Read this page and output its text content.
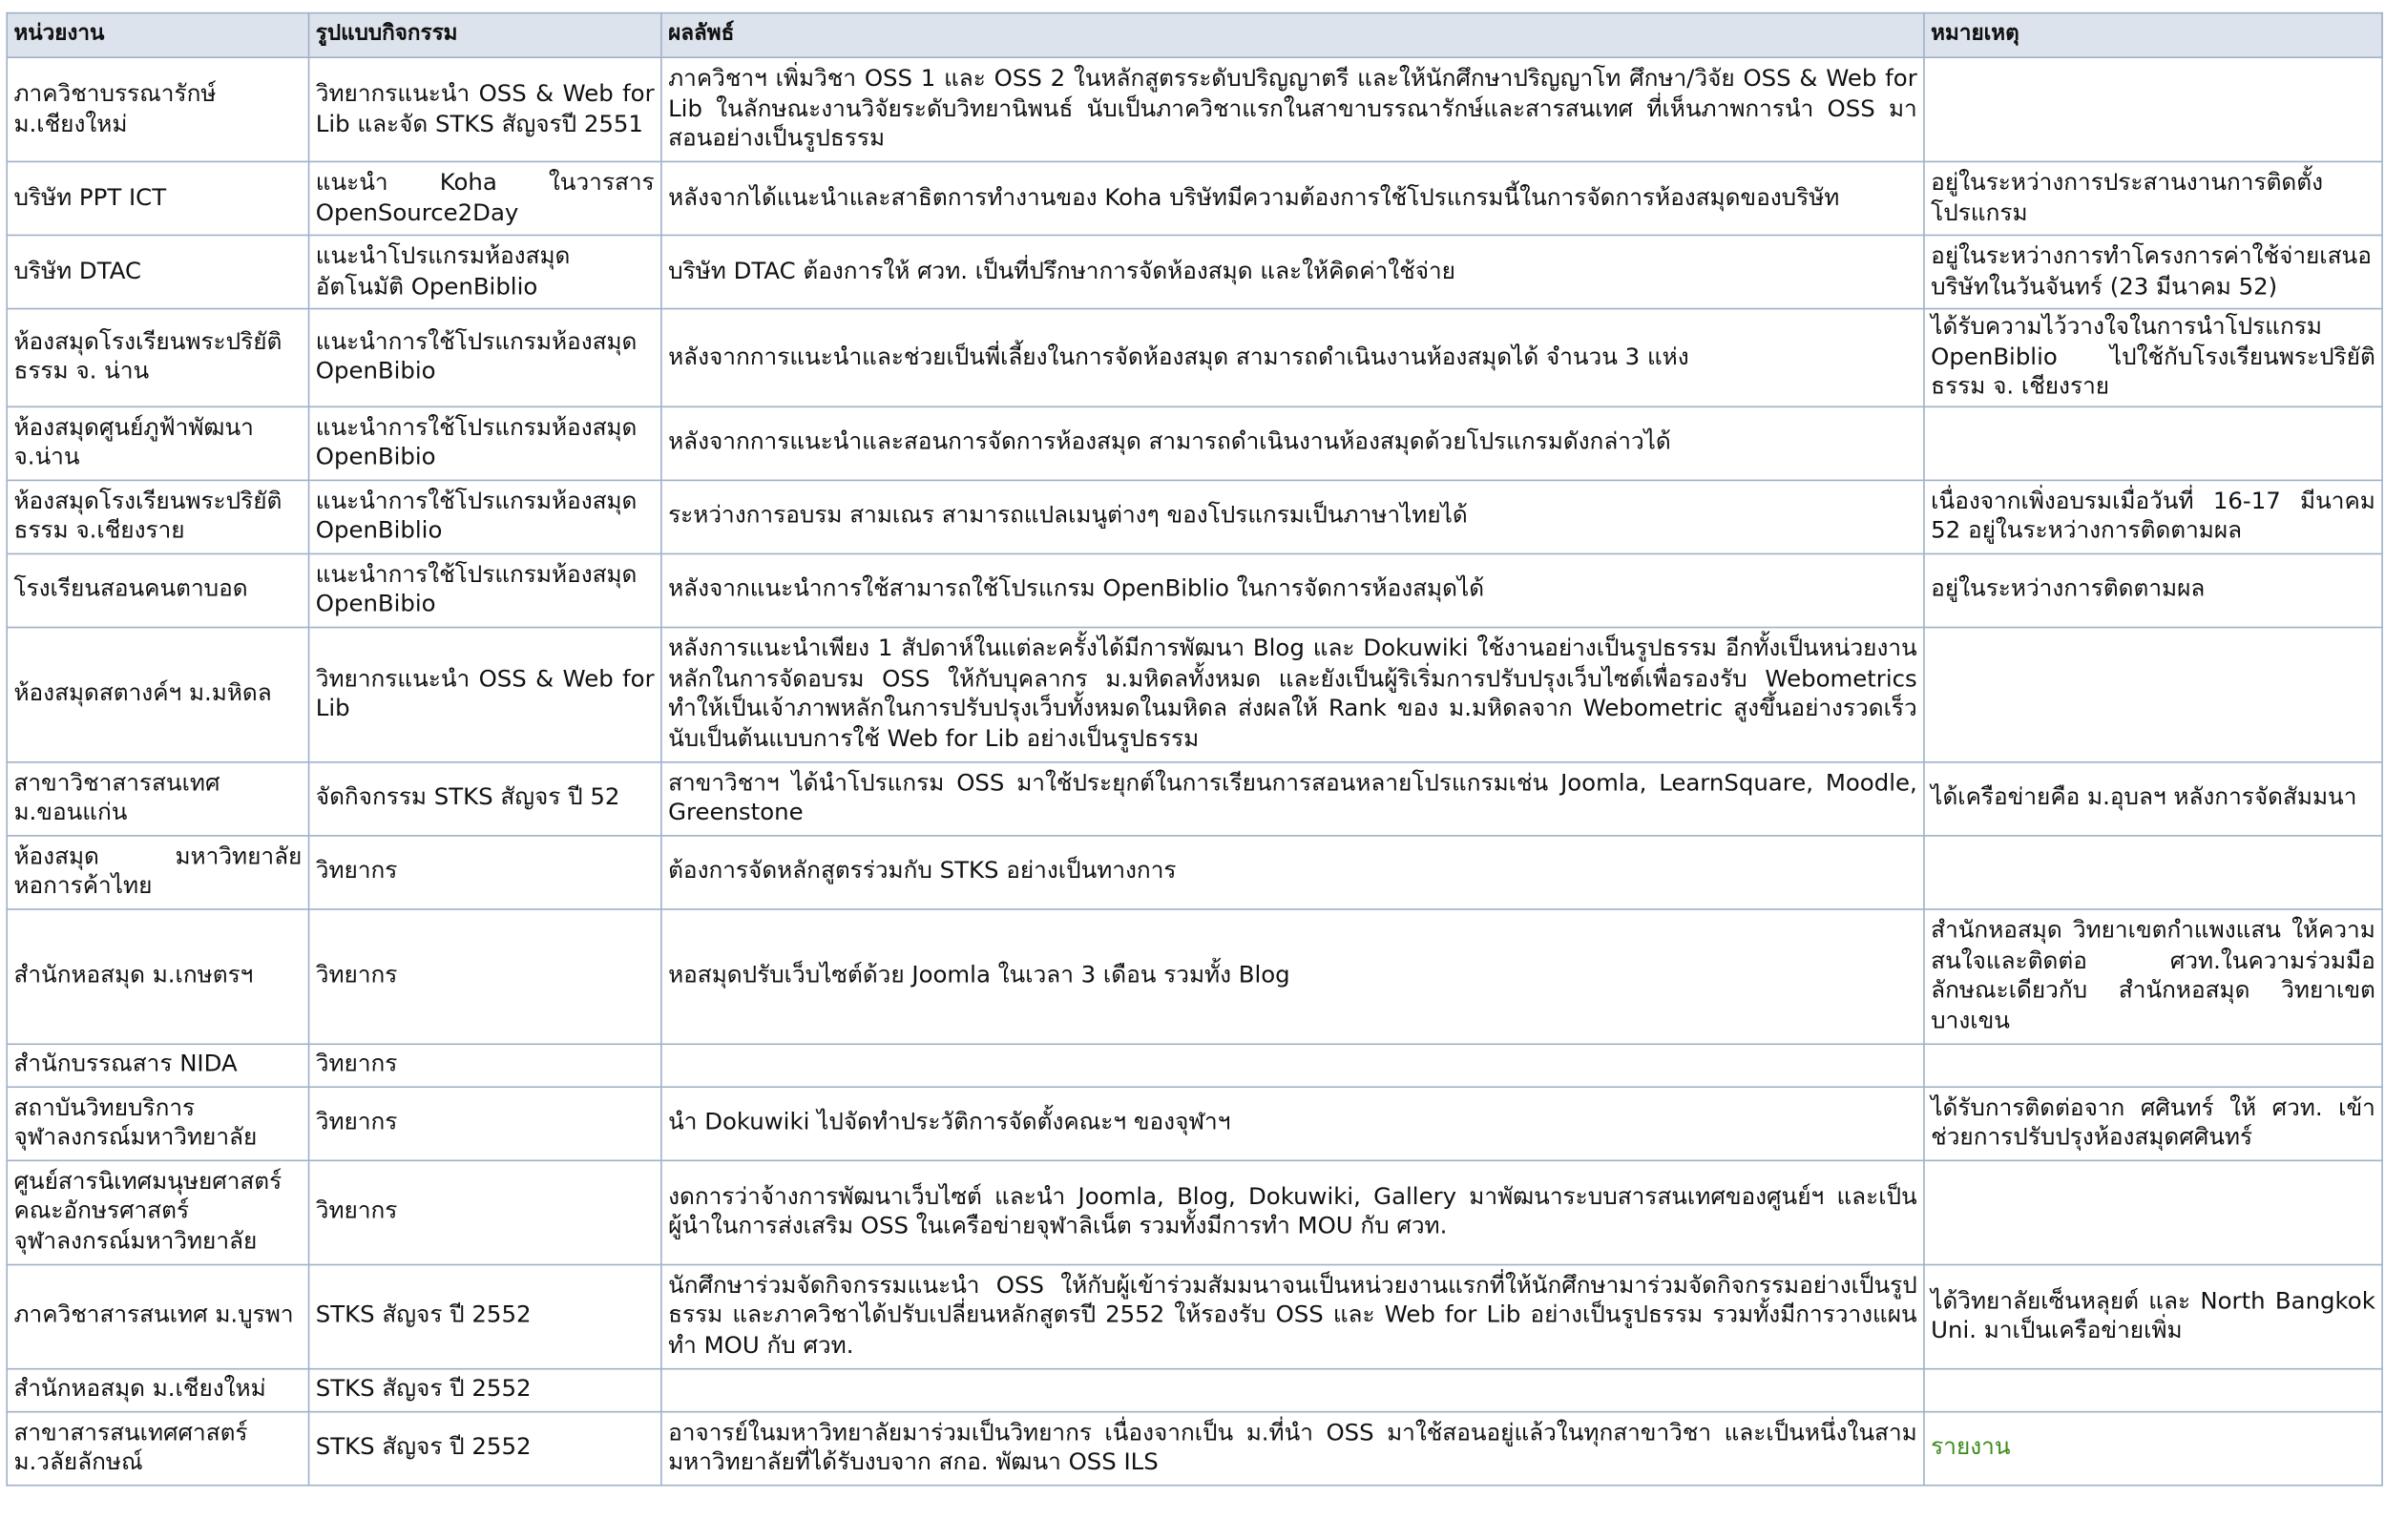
หน่วยงาน	รูปแบบกิจกรรม	ผลลัพธ์	หมายเหตุ
ภาควิชาบรรณารักษ์ ม.เชียงใหม่	วิทยากรแนะนำ OSS & Web for Lib และจัด STKS สัญจรปี 2551	ภาควิชาฯ เพิ่มวิชา OSS 1 และ OSS 2 ในหลักสูตรระดับปริญญาตรี และให้นักศึกษาปริญญาโท ศึกษา/วิจัย OSS & Web for Lib ในลักษณะงานวิจัยระดับวิทยานิพนธ์ นับเป็นภาควิชาแรกในสาขาบรรณารักษ์และสารสนเทศ ที่เห็นภาพการนำ OSS มาสอนอย่างเป็นรูปธรรม	
บริษัท PPT ICT	แนะนำ Koha ในวารสาร OpenSource2Day	หลังจากได้แนะนำและสาธิตการทำงานของ Koha บริษัทมีความต้องการใช้โปรแกรมนี้ในการจัดการห้องสมุดของบริษัท	อยู่ในระหว่างการประสานงานการติดตั้งโปรแกรม
บริษัท DTAC	แนะนำโปรแกรมห้องสมุดอัตโนมัติ OpenBiblio	บริษัท DTAC ต้องการให้ ศวท. เป็นที่ปรึกษาการจัดห้องสมุด และให้คิดค่าใช้จ่าย	อยู่ในระหว่างการทำโครงการค่าใช้จ่ายเสนอบริษัทในวันจันทร์ (23 มีนาคม 52)
ห้องสมุดโรงเรียนพระปริยัติธรรม จ. น่าน	แนะนำการใช้โปรแกรมห้องสมุด OpenBibio	หลังจากการแนะนำและช่วยเป็นพี่เลี้ยงในการจัดห้องสมุด สามารถดำเนินงานห้องสมุดได้ จำนวน 3 แห่ง	ได้รับความไว้วางใจในการนำโปรแกรม OpenBiblio ไปใช้กับโรงเรียนพระปริยัติธรรม จ. เชียงราย
ห้องสมุดศูนย์ภูฟ้าพัฒนา จ.น่าน	แนะนำการใช้โปรแกรมห้องสมุด OpenBibio	หลังจากการแนะนำและสอนการจัดการห้องสมุด สามารถดำเนินงานห้องสมุดด้วยโปรแกรมดังกล่าวได้	
ห้องสมุดโรงเรียนพระปริยัติธรรม จ.เชียงราย	แนะนำการใช้โปรแกรมห้องสมุด OpenBiblio	ระหว่างการอบรม สามเณร สามารถแปลเมนูต่างๆ ของโปรแกรมเป็นภาษาไทยได้	เนื่องจากเพิ่งอบรมเมื่อวันที่ 16-17 มีนาคม 52 อยู่ในระหว่างการติดตามผล
โรงเรียนสอนคนตาบอด	แนะนำการใช้โปรแกรมห้องสมุด OpenBibio	หลังจากแนะนำการใช้สามารถใช้โปรแกรม OpenBiblio ในการจัดการห้องสมุดได้	อยู่ในระหว่างการติดตามผล
ห้องสมุดสตางค์ฯ ม.มหิดล	วิทยากรแนะนำ OSS & Web for Lib	หลังการแนะนำเพียง 1 สัปดาห์ในแต่ละครั้งได้มีการพัฒนา Blog และ Dokuwiki ใช้งานอย่างเป็นรูปธรรม อีกทั้งเป็นหน่วยงานหลักในการจัดอบรม OSS ให้กับบุคลากร ม.มหิดลทั้งหมด และยังเป็นผู้ริเริ่มการปรับปรุงเว็บไซต์เพื่อรองรับ Webometrics ทำให้เป็นเจ้าภาพหลักในการปรับปรุงเว็บทั้งหมดในมหิดล ส่งผลให้ Rank ของ ม.มหิดลจาก Webometric สูงขึ้นอย่างรวดเร็ว นับเป็นต้นแบบการใช้ Web for Lib อย่างเป็นรูปธรรม	
สาขาวิชาสารสนเทศ ม.ขอนแก่น	จัดกิจกรรม STKS สัญจร ปี 52	สาขาวิชาฯ ได้นำโปรแกรม OSS มาใช้ประยุกต์ในการเรียนการสอนหลายโปรแกรมเช่น Joomla, LearnSquare, Moodle, Greenstone	ได้เครือข่ายคือ ม.อุบลฯ หลังการจัดสัมมนา
ห้องสมุด มหาวิทยาลัยหอการค้าไทย	วิทยากร	ต้องการจัดหลักสูตรร่วมกับ STKS อย่างเป็นทางการ	
สำนักหอสมุด ม.เกษตรฯ	วิทยากร	หอสมุดปรับเว็บไซต์ด้วย Joomla ในเวลา 3 เดือน รวมทั้ง Blog	สำนักหอสมุด วิทยาเขตกำแพงแสน ให้ความสนใจและติดต่อ ศวท.ในความร่วมมือลักษณะเดียวกับ สำนักหอสมุด วิทยาเขตบางเขน
สำนักบรรณสาร NIDA	วิทยากร		
สถาบันวิทยบริการ จุฬาลงกรณ์มหาวิทยาลัย	วิทยากร	นำ Dokuwiki ไปจัดทำประวัติการจัดตั้งคณะฯ ของจุฬาฯ	ได้รับการติดต่อจาก ศศินทร์ ให้ ศวท. เข้าช่วยการปรับปรุงห้องสมุดศศินทร์
ศูนย์สารนิเทศมนุษยศาสตร์ คณะอักษรศาสตร์ จุฬาลงกรณ์มหาวิทยาลัย	วิทยากร	งดการว่าจ้างการพัฒนาเว็บไซต์ และนำ Joomla, Blog, Dokuwiki, Gallery มาพัฒนาระบบสารสนเทศของศูนย์ฯ และเป็นผู้นำในการส่งเสริม OSS ในเครือข่ายจุฬาลิเน็ต รวมทั้งมีการทำ MOU กับ ศวท.	
ภาควิชาสารสนเทศ ม.บูรพา	STKS สัญจร ปี 2552	นักศึกษาร่วมจัดกิจกรรมแนะนำ OSS ให้กับผู้เข้าร่วมสัมมนาจนเป็นหน่วยงานแรกที่ให้นักศึกษามาร่วมจัดกิจกรรมอย่างเป็นรูปธรรม และภาควิชาได้ปรับเปลี่ยนหลักสูตรปี 2552 ให้รองรับ OSS และ Web for Lib อย่างเป็นรูปธรรม รวมทั้งมีการวางแผนทำ MOU กับ ศวท.	ได้วิทยาลัยเซ็นหลุยต์ และ North Bangkok Uni. มาเป็นเครือข่ายเพิ่ม
สำนักหอสมุด ม.เชียงใหม่	STKS สัญจร ปี 2552		
สาขาสารสนเทศศาสตร์ ม.วลัยลักษณ์	STKS สัญจร ปี 2552	อาจารย์ในมหาวิทยาลัยมาร่วมเป็นวิทยากร เนื่องจากเป็น ม.ที่นำ OSS มาใช้สอนอยู่แล้วในทุกสาขาวิชา และเป็นหนึ่งในสามมหาวิทยาลัยที่ได้รับงบจาก สกอ. พัฒนา OSS ILS	รายงาน
